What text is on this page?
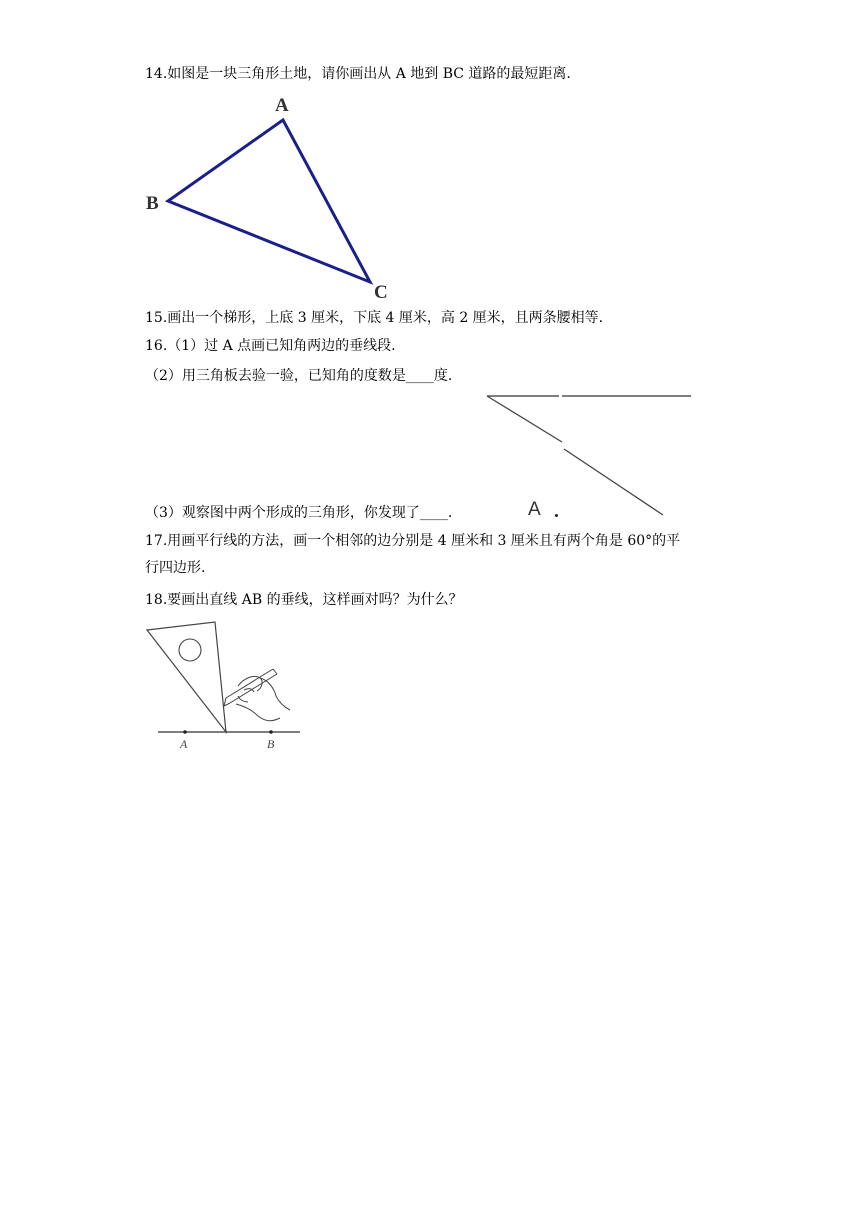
14.如图是一块三角形土地，请你画出从 A 地到 BC 道路的最短距离.
A
B
C
15.画出一个梯形，上底 3 厘米，下底 4 厘米，高 2 厘米，且两条腰相等.
16.（1）过 A 点画已知角两边的垂线段.
（2）用三角板去验一验，已知角的度数是____度.
（3）观察图中两个形成的三角形，你发现了____.	A
17.用画平行线的方法，画一个相邻的边分别是 4 厘米和 3 厘米且有两个角是 60°的平
行四边形.
18.要画出直线 AB 的垂线，这样画对吗？为什么？
A	B
